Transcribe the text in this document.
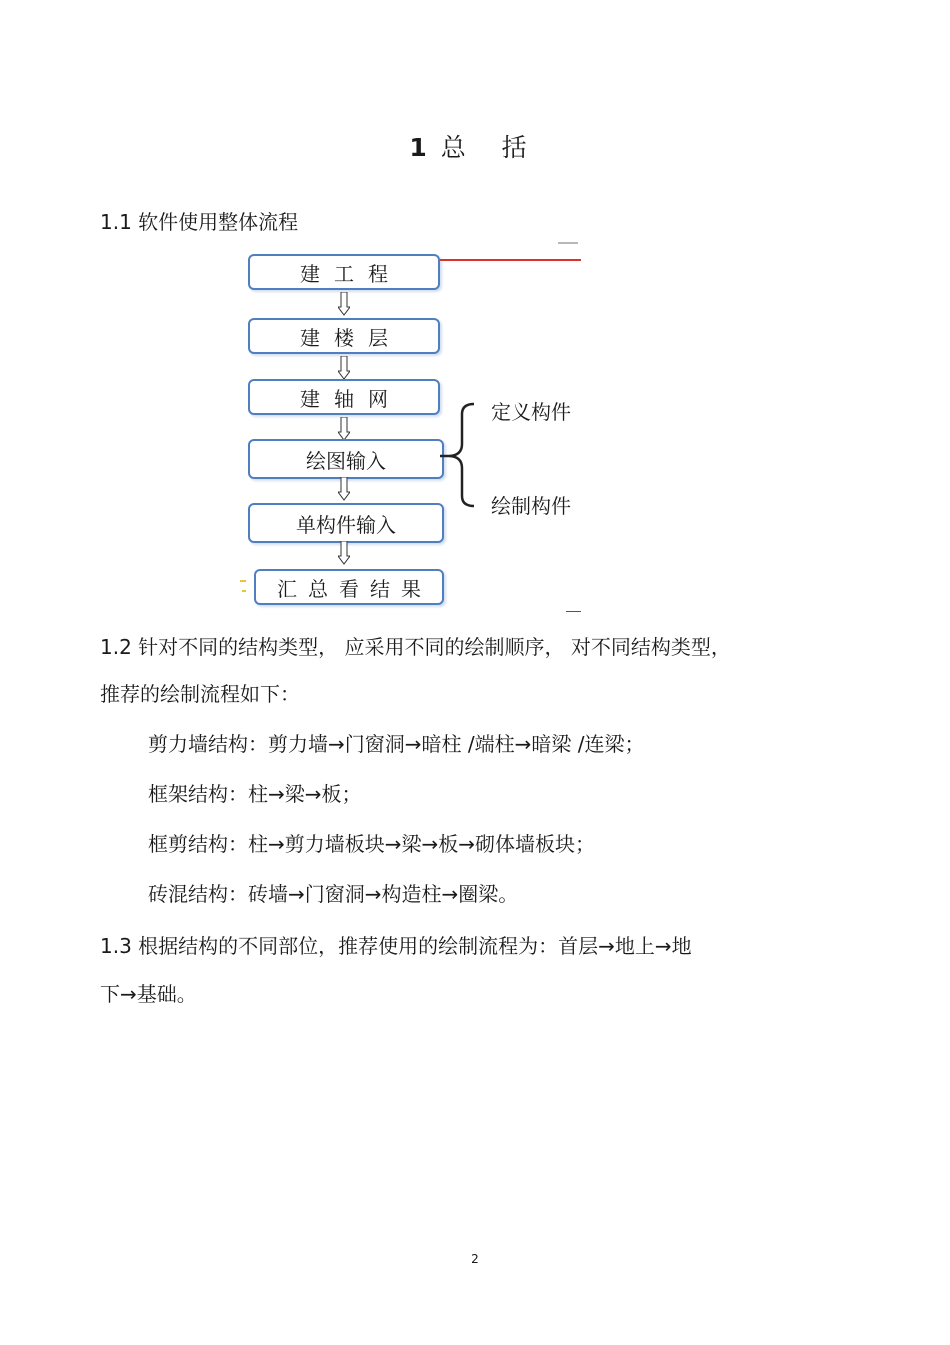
1 总 括
1.1 软件使用整体流程
建工程
建楼层
建轴网
绘图输入
单构件输入
汇总看结果
定义构件
绘制构件
1.2 针对不同的结构类型， 应采用不同的绘制顺序， 对不同结构类型，
推荐的绘制流程如下：
剪力墙结构：剪力墙→门窗洞→暗柱 /端柱→暗梁 /连梁；
框架结构：柱→梁→板；
框剪结构：柱→剪力墙板块→梁→板→砌体墙板块；
砖混结构：砖墙→门窗洞→构造柱→圈梁。
1.3 根据结构的不同部位，推荐使用的绘制流程为：首层→地上→地
下→基础。
2
